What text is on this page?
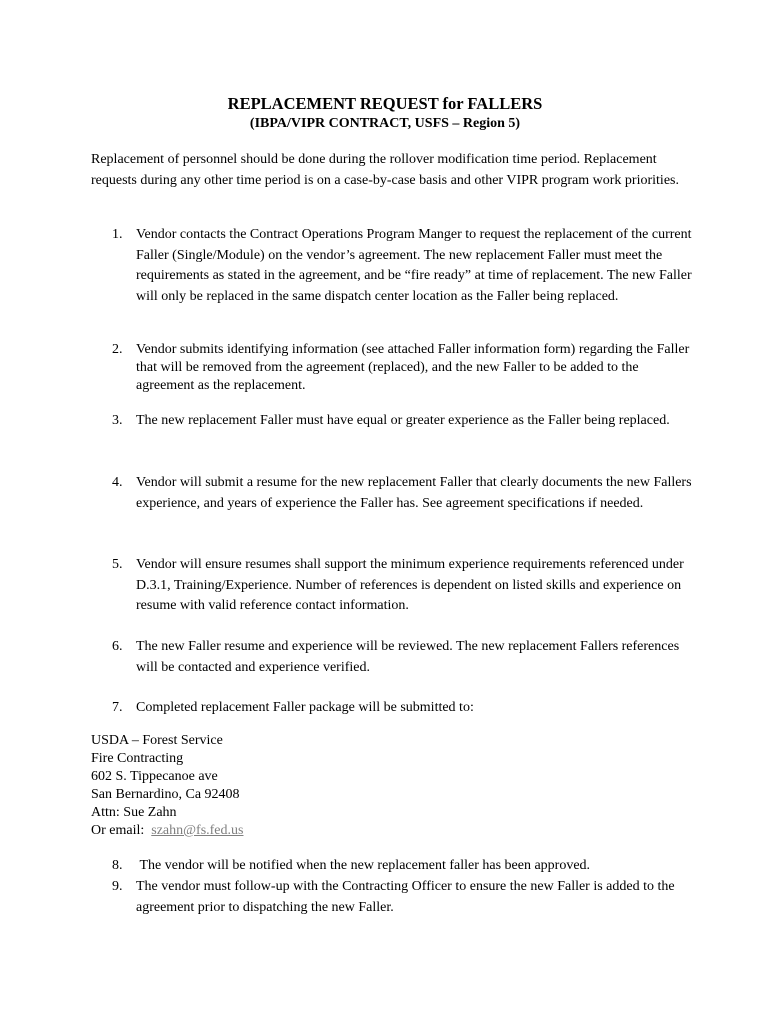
REPLACEMENT REQUEST for FALLERS
(IBPA/VIPR CONTRACT, USFS – Region 5)
Replacement of personnel should be done during the rollover modification time period. Replacement requests during any other time period is on a case-by-case basis and other VIPR program work priorities.
1. Vendor contacts the Contract Operations Program Manger to request the replacement of the current Faller (Single/Module) on the vendor’s agreement. The new replacement Faller must meet the requirements as stated in the agreement, and be “fire ready” at time of replacement. The new Faller will only be replaced in the same dispatch center location as the Faller being replaced.
2. Vendor submits identifying information (see attached Faller information form) regarding the Faller that will be removed from the agreement (replaced), and the new Faller to be added to the agreement as the replacement.
3. The new replacement Faller must have equal or greater experience as the Faller being replaced.
4. Vendor will submit a resume for the new replacement Faller that clearly documents the new Fallers experience, and years of experience the Faller has. See agreement specifications if needed.
5. Vendor will ensure resumes shall support the minimum experience requirements referenced under D.3.1, Training/Experience. Number of references is dependent on listed skills and experience on resume with valid reference contact information.
6. The new Faller resume and experience will be reviewed. The new replacement Fallers references will be contacted and experience verified.
7. Completed replacement Faller package will be submitted to:
USDA – Forest Service
Fire Contracting
602 S. Tippecanoe ave
San Bernardino, Ca 92408
Attn: Sue Zahn
Or email:  szahn@fs.fed.us
8. The vendor will be notified when the new replacement faller has been approved.
9. The vendor must follow-up with the Contracting Officer to ensure the new Faller is added to the agreement prior to dispatching the new Faller.
